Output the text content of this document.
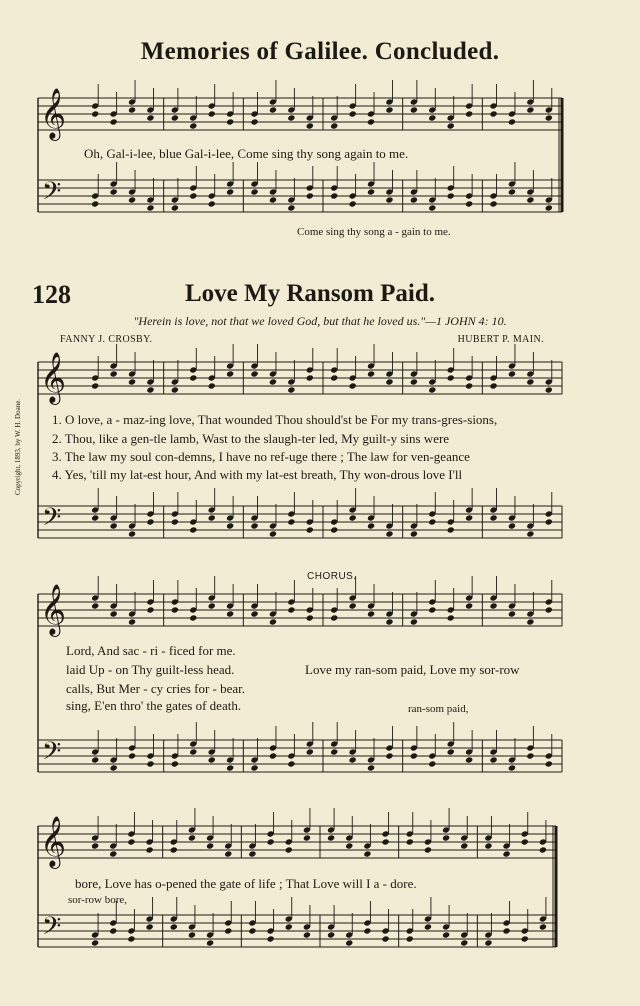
𝄞
𝄢
𝄞
𝄢
𝄞
𝄢
𝄞
𝄢
Memories of Galilee. Concluded.
Oh, Gal-i-lee, blue Gal-i-lee, Come sing thy song again to me.
Come sing thy song a - gain to me.
128	Love My Ransom Paid.
"Herein is love, not that we loved God, but that he loved us."—1 JOHN 4: 10.
FANNY J. CROSBY.	HUBERT P. MAIN.
Copyright, 1893, by W. H. Doane.	1. O love, a - maz-ing love, That wounded Thou should'st be For my trans-gres-sions,
2. Thou, like a gen-tle lamb, Wast to the slaugh-ter led, My guilt-y sins were
3. The law my soul con-demns, I have no ref-uge there ; The law for ven-geance
4. Yes, 'till my lat-est hour, And with my lat-est breath, Thy won-drous love I'll
CHORUS.
Lord, And sac - ri - ficed for me.
laid Up - on Thy guilt-less head.	Love my ran-som paid, Love my sor-row
calls, But Mer - cy cries for - bear.
sing, E'en thro' the gates of death.	ran-som paid,
bore, Love has o-pened the gate of life ; That Love will I a - dore.
sor-row bore,
